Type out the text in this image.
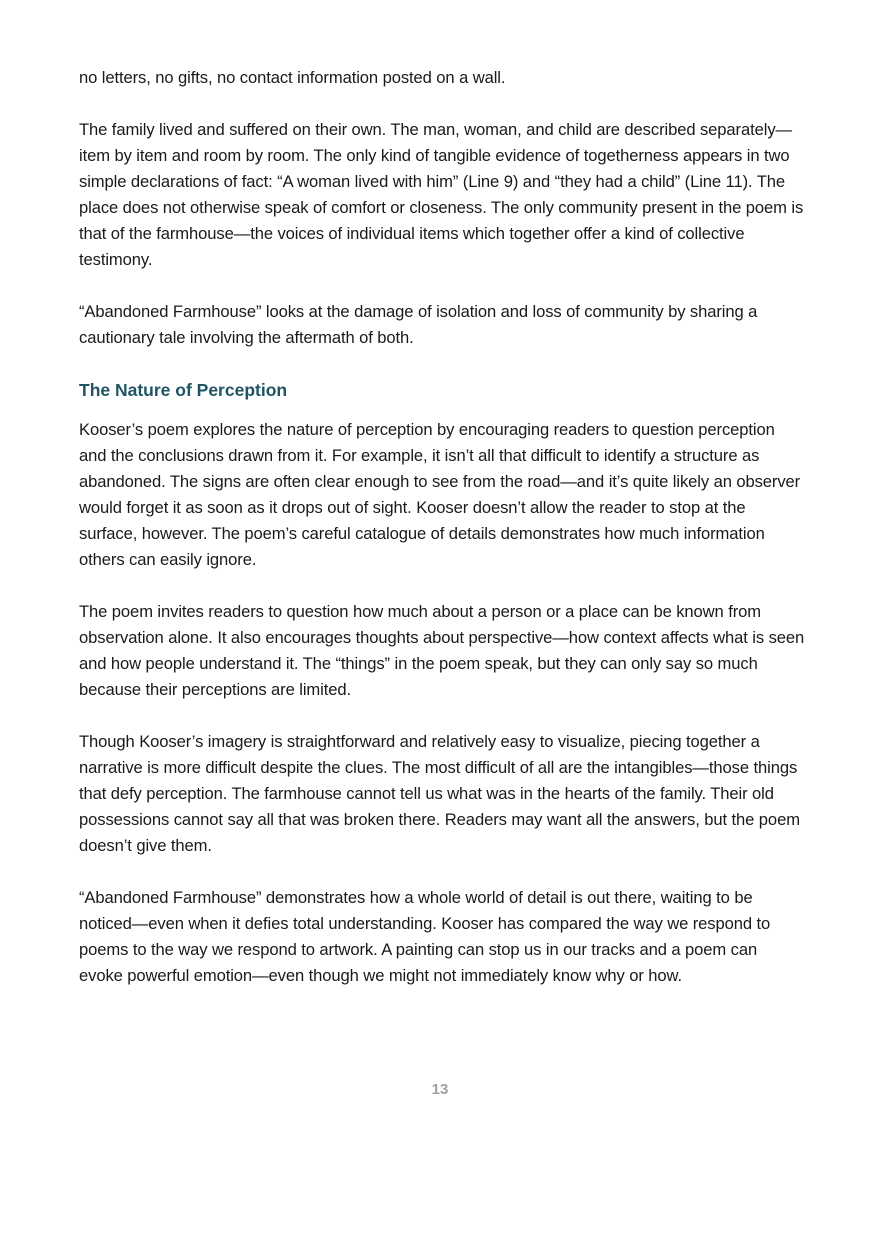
no letters, no gifts, no contact information posted on a wall.

The family lived and suffered on their own. The man, woman, and child are described separately—item by item and room by room. The only kind of tangible evidence of togetherness appears in two simple declarations of fact: “A woman lived with him” (Line 9) and “they had a child” (Line 11). The place does not otherwise speak of comfort or closeness. The only community present in the poem is that of the farmhouse—the voices of individual items which together offer a kind of collective testimony.

“Abandoned Farmhouse” looks at the damage of isolation and loss of community by sharing a cautionary tale involving the aftermath of both.

The Nature of Perception

Kooser’s poem explores the nature of perception by encouraging readers to question perception and the conclusions drawn from it. For example, it isn’t all that difficult to identify a structure as abandoned. The signs are often clear enough to see from the road—and it’s quite likely an observer would forget it as soon as it drops out of sight. Kooser doesn’t allow the reader to stop at the surface, however. The poem’s careful catalogue of details demonstrates how much information others can easily ignore.

The poem invites readers to question how much about a person or a place can be known from observation alone. It also encourages thoughts about perspective—how context affects what is seen and how people understand it. The “things” in the poem speak, but they can only say so much because their perceptions are limited.

Though Kooser’s imagery is straightforward and relatively easy to visualize, piecing together a narrative is more difficult despite the clues. The most difficult of all are the intangibles—those things that defy perception. The farmhouse cannot tell us what was in the hearts of the family. Their old possessions cannot say all that was broken there. Readers may want all the answers, but the poem doesn’t give them.

“Abandoned Farmhouse” demonstrates how a whole world of detail is out there, waiting to be noticed—even when it defies total understanding. Kooser has compared the way we respond to poems to the way we respond to artwork. A painting can stop us in our tracks and a poem can evoke powerful emotion—even though we might not immediately know why or how.

13
